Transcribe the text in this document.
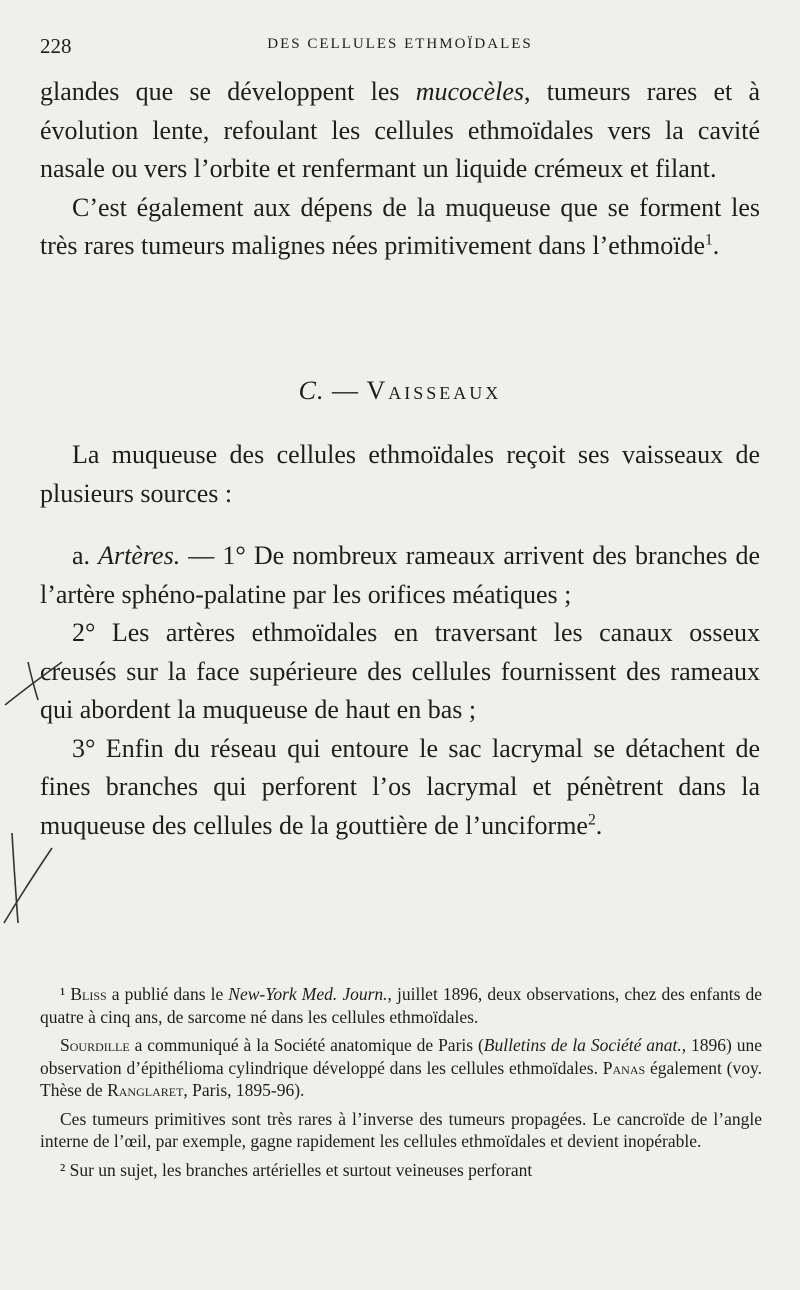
228	DES CELLULES ETHMOÏDALES

glandes que se développent les mucocèles, tumeurs rares et à évolution lente, refoulant les cellules ethmoïdales vers la cavité nasale ou vers l’orbite et renfermant un liquide crémeux et filant.

C’est également aux dépens de la muqueuse que se forment les très rares tumeurs malignes nées primitivement dans l’ethmoïde$^1$.

C. — Vaisseaux

La muqueuse des cellules ethmoïdales reçoit ses vaisseaux de plusieurs sources :

a. Artères. — 1° De nombreux rameaux arrivent des branches de l’artère sphéno-palatine par les orifices méatiques ;

2° Les artères ethmoïdales en traversant les canaux osseux creusés sur la face supérieure des cellules fournissent des rameaux qui abordent la muqueuse de haut en bas ;

3° Enfin du réseau qui entoure le sac lacrymal se détachent de fines branches qui perforent l’os lacrymal et pénètrent dans la muqueuse des cellules de la gouttière de l’unciforme$^2$.

¹ Bliss a publié dans le New-York Med. Journ., juillet 1896, deux observations, chez des enfants de quatre à cinq ans, de sarcome né dans les cellules ethmoïdales.

Sourdille a communiqué à la Société anatomique de Paris (Bulletins de la Société anat., 1896) une observation d’épithélioma cylindrique développé dans les cellules ethmoïdales. Panas également (voy. Thèse de Ranglaret, Paris, 1895-96).

Ces tumeurs primitives sont très rares à l’inverse des tumeurs propagées. Le cancroïde de l’angle interne de l’œil, par exemple, gagne rapidement les cellules ethmoïdales et devient inopérable.

² Sur un sujet, les branches artérielles et surtout veineuses perforant
